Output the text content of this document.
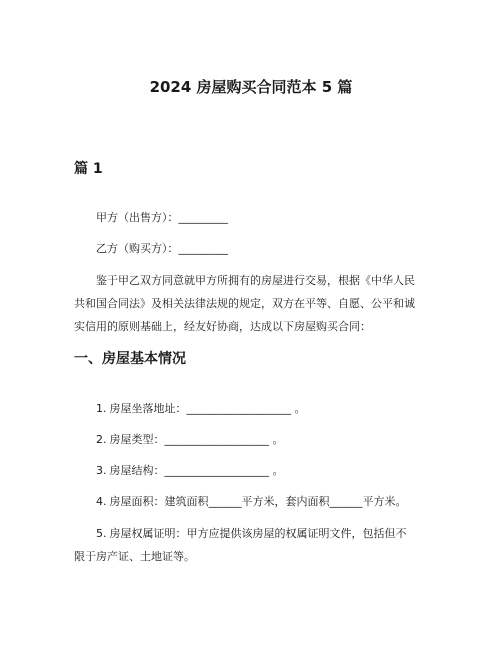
2024 房屋购买合同范本 5 篇
篇 1
甲方（出售方）：_________
乙方（购买方）：_________
鉴于甲乙双方同意就甲方所拥有的房屋进行交易，根据《中华人民
共和国合同法》及相关法律法规的规定，双方在平等、自愿、公平和诚
实信用的原则基础上，经友好协商，达成以下房屋购买合同：
一、房屋基本情况
1. 房屋坐落地址：___________________ 。
2. 房屋类型：___________________ 。
3. 房屋结构：___________________ 。
4. 房屋面积：建筑面积______平方米，套内面积______平方米。
5. 房屋权属证明：甲方应提供该房屋的权属证明文件，包括但不
限于房产证、土地证等。
